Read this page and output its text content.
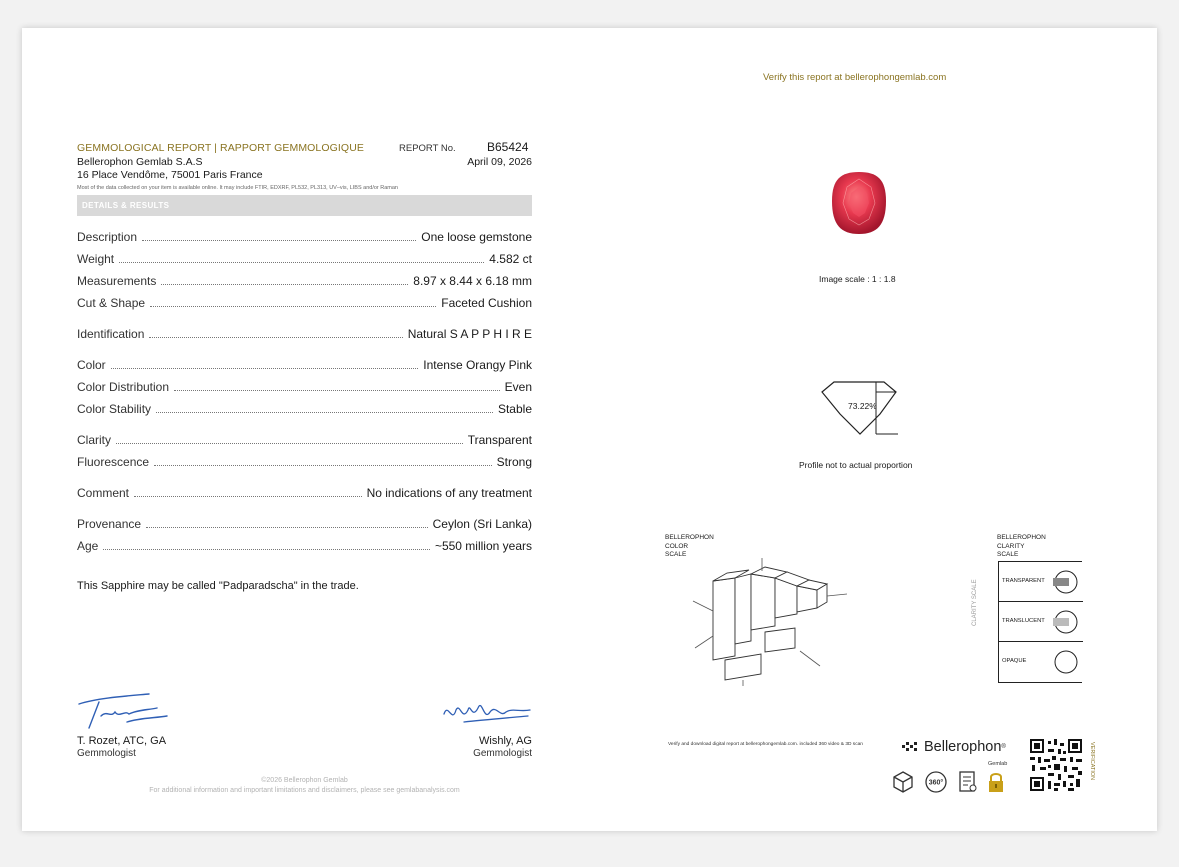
Verify this report at bellerophongemlab.com
GEMMOLOGICAL REPORT | RAPPORT GEMMOLOGIQUE	REPORT No.	B65424
Bellerophon Gemlab S.A.S	April 09, 2026
16 Place Vendôme, 75001 Paris France
Most of the data collected on your item is available online. It may include FTIR, EDXRF, PL532, PL313, UV–vis, LIBS and/or Raman
DETAILS & RESULTS
Description	One loose gemstone
Weight	4.582 ct
Measurements	8.97 x 8.44 x 6.18 mm
Cut & Shape	Faceted Cushion
Identification	Natural S A P P H I R E
Color	Intense Orangy Pink
Color Distribution	Even
Color Stability	Stable
Clarity	Transparent
Fluorescence	Strong
Comment	No indications of any treatment
Provenance	Ceylon (Sri Lanka)
Age	~550 million years
This Sapphire may be called "Padparadscha" in the trade.
Image scale : 1 : 1.8
73.22%
Profile not to actual proportion
BELLEROPHON
COLOR
SCALE
BELLEROPHON
CLARITY
SCALE
CLARITY SCALE	TRANSPARENT
TRANSLUCENT
OPAQUE
T. Rozet, ATC, GA
Gemmologist
Wishly, AG
Gemmologist
©2026 Bellerophon Gemlab
For additional information and important limitations and disclaimers, please see gemlabanalysis.com
Verify and download digital report at bellerophongemlab.com. included 360 video & 3D scan	Bellerophon ®
Gemlab
360°
VERIFICATION
